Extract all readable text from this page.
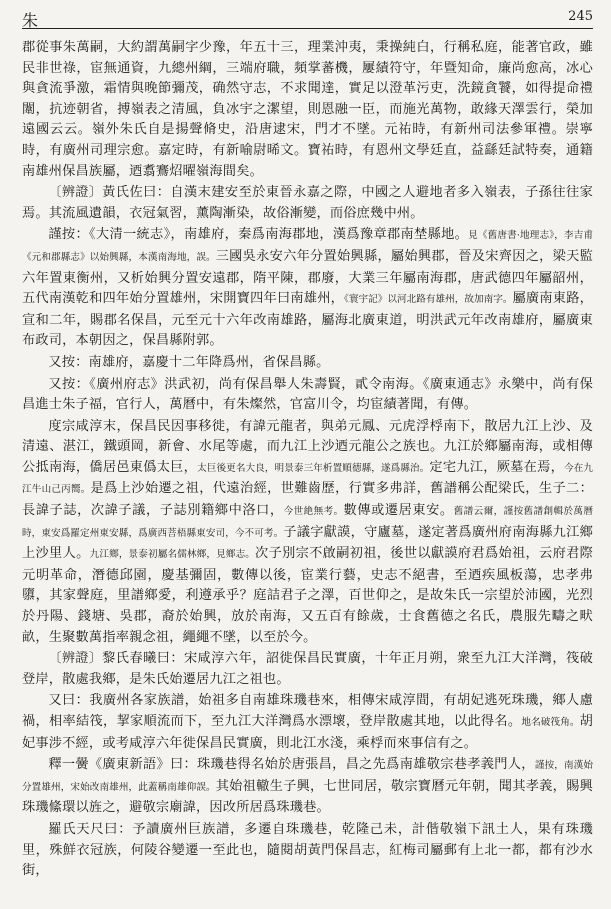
朱	245

郡從事朱萬嗣，大約謂萬嗣字少豫，年五十三，理業沖夷，秉操純白，行稱私庭，能著官政，雖民非世祿，宦無通資，九總州綱，三端府職，頻掌蕃機，屢績符守，年暨知命，廉尚愈高，冰心與貪流爭激，霜情與晚節彌茂，确然守志，不求聞達，實足以澄革污吏，洗鏡貪饕，如得提命禮闈，抗迹朝省，搏嶺表之清風，負冰宇之潔望，則恩融一臣，而施光萬物，敢緣天澤雲行，榮加遠國云云。嶺外朱氏自是揚聲脩史，沿唐逮宋，門才不墜。元祐時，有新州司法參軍禮。崇寧時，有廣州司理宗愈。嘉定時，有新喻尉晞文。寶祐時，有恩州文學廷直，益繇廷試特奏，通籍南雄州保昌族屬，迺翥鶱炤曜嶺海間矣。

〔辨證〕黃氏佐曰：自漢末建安至於東晉永嘉之際，中國之人避地者多入嶺表，子孫往往家焉。其流風遺韻，衣冠氣習，薰陶漸染，故俗漸變，而俗庶幾中州。

謹按：《大清一統志》，南雄府，秦爲南海郡地，漢爲豫章郡南埜縣地。見《舊唐書·地理志》，李吉甫《元和郡縣志》以始興縣，本漢南海地，誤。三國吳永安六年分置始興縣，屬始興郡，晉及宋齊因之，梁天監六年置東衡州，又析始興分置安遠郡，隋平陳，郡廢，大業三年屬南海郡，唐武德四年屬韶州，五代南漢乾和四年始分置雄州，宋開寶四年曰南雄州，《寰宇記》以河北路有雄州，故加南字。屬廣南東路，宣和二年，賜郡名保昌，元至元十六年改南雄路，屬海北廣東道，明洪武元年改南雄府，屬廣東布政司，本朝因之，保昌縣附郭。

又按：南雄府，嘉慶十二年降爲州，省保昌縣。

又按：《廣州府志》洪武初，尚有保昌舉人朱壽賢，貳令南海。《廣東通志》永樂中，尚有保昌進士朱子福，官行人，萬曆中，有朱燦然，官富川令，均宦績著聞，有傳。

度宗咸淳末，保昌民因事移徙，有諱元龍者，與弟元鳳、元虎浮桴南下，散居九江上沙、及清遠、湛江，鐵頭岡，新會、水尾等處，而九江上沙迺元龍公之族也。九江於鄉屬南海，或相傳公抵南海，僑居邑東僞太巨，太巨後更名大良，明景泰三年析置順德縣，遂爲縣治。定宅九江，厥墓在焉，今在九江牛山己丙嚮。是爲上沙始遷之祖，代遠治經，世難齒歷，行實多弗詳，舊譜稱公配梁氏，生子二：長諱子誌，次諱子議，子誌別籍鄉中洛口，今世絶無考。數傳或遷居東安。舊譜云爾，謹按舊譜創輯於萬曆時，東安爲羅定州東安縣，爲廣西菩梧縣東安司，今不可考。子議字獻謨，守廬墓，遂定著爲廣州府南海縣九江鄉上沙里人。九江鄉，景泰初屬名儒林鄉，見鄉志。次子別宗不啟嗣初祖，後世以獻謨府君爲始祖，云府君際元明革命，潛德邱園，慶基彌固，數傳以後，宦業行藝，史志不絕書，至迺疾風板蕩，忠孝弗隳，其家聲庭，里譜鄉愛，利遵承乎？庭詰君子之澤，百世仰之，是故朱氏一宗望於沛國，光烈於丹陽、錢塘、吳郡，裔於始興，放於南海，又五百有餘歲，士食舊德之名氏，農服先疇之畎畝，生聚數萬指率親念祖，繩繩不墜，以至於今。

〔辨證〕黎氏春曦曰：宋咸淳六年，詔徙保昌民實廣，十年正月朔，衆至九江大洋灣，筏破登岸，散處我鄉，是朱氏始遷居九江之祖也。

又曰：我廣州各家族譜，始祖多自南雄珠璣巷來，相傳宋咸淳間，有胡妃逃死珠璣，鄉人慮禍，相率結筏，挈家順流而下，至九江大洋灣爲水漂壞，登岸散處其地，以此得名。地名破筏角。胡妃事涉不經，或考咸淳六年徙保昌民實廣，則北江水淺，乘桴而來事信有之。

釋一黌《廣東新語》曰：珠璣巷得名始於唐張昌，昌之先爲南雄敬宗巷孝義門人，謹按，南漢始分置雄州，宋始改南雄州，此蓋稱南雄仰誤。其始祖轍生子興，七世同居，敬宗寶曆元年朝，聞其孝義，賜興珠璣絛環以旌之，避敬宗廟諱，因改所居爲珠璣巷。

羅氏天尺曰：予讀廣州巨族譜，多遷自珠璣巷，乾隆己未，計偕敬嶺下訊土人，果有珠璣里，殊鮮衣冠族，何陵谷變遷一至此也，隨閱胡黃門保昌志，紅梅司屬郵有上北一都，都有沙水街，
